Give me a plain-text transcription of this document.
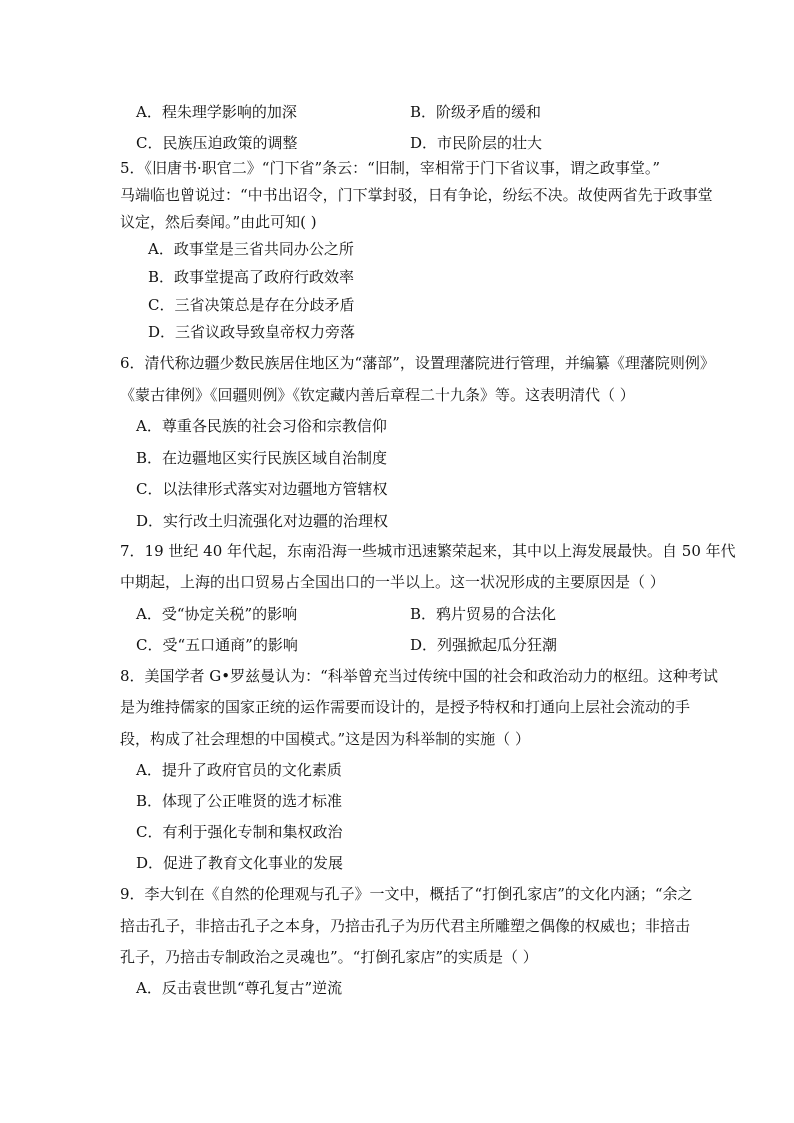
A．程朱理学影响的加深	B．阶级矛盾的缓和
C．民族压迫政策的调整	D．市民阶层的壮大
5．《旧唐书·职官二》“门下省”条云：“旧制，宰相常于门下省议事，谓之政事堂。”
马端临也曾说过：“中书出诏令，门下掌封驳，日有争论，纷纭不决。故使两省先于政事堂
议定，然后奏闻。”由此可知( )
A．政事堂是三省共同办公之所
B．政事堂提高了政府行政效率
C．三省决策总是存在分歧矛盾
D．三省议政导致皇帝权力旁落
6．清代称边疆少数民族居住地区为“藩部”，设置理藩院进行管理，并编纂《理藩院则例》
《蒙古律例》《回疆则例》《钦定藏内善后章程二十九条》等。这表明清代（ ）
A．尊重各民族的社会习俗和宗教信仰
B．在边疆地区实行民族区域自治制度
C．以法律形式落实对边疆地方管辖权
D．实行改土归流强化对边疆的治理权
7．19 世纪 40 年代起，东南沿海一些城市迅速繁荣起来，其中以上海发展最快。自 50 年代
中期起，上海的出口贸易占全国出口的一半以上。这一状况形成的主要原因是（ ）
A．受“协定关税”的影响	B．鸦片贸易的合法化
C．受“五口通商”的影响	D．列强掀起瓜分狂潮
8．美国学者 G•罗兹曼认为：“科举曾充当过传统中国的社会和政治动力的枢纽。这种考试
是为维持儒家的国家正统的运作需要而设计的，是授予特权和打通向上层社会流动的手
段，构成了社会理想的中国模式。”这是因为科举制的实施（ ）
A．提升了政府官员的文化素质
B．体现了公正唯贤的选才标准
C．有利于强化专制和集权政治
D．促进了教育文化事业的发展
9．李大钊在《自然的伦理观与孔子》一文中，概括了“打倒孔家店”的文化内涵；“余之
掊击孔子，非掊击孔子之本身，乃掊击孔子为历代君主所雕塑之偶像的权威也；非掊击
孔子，乃掊击专制政治之灵魂也”。“打倒孔家店”的实质是（ ）
A．反击袁世凯“尊孔复古”逆流
